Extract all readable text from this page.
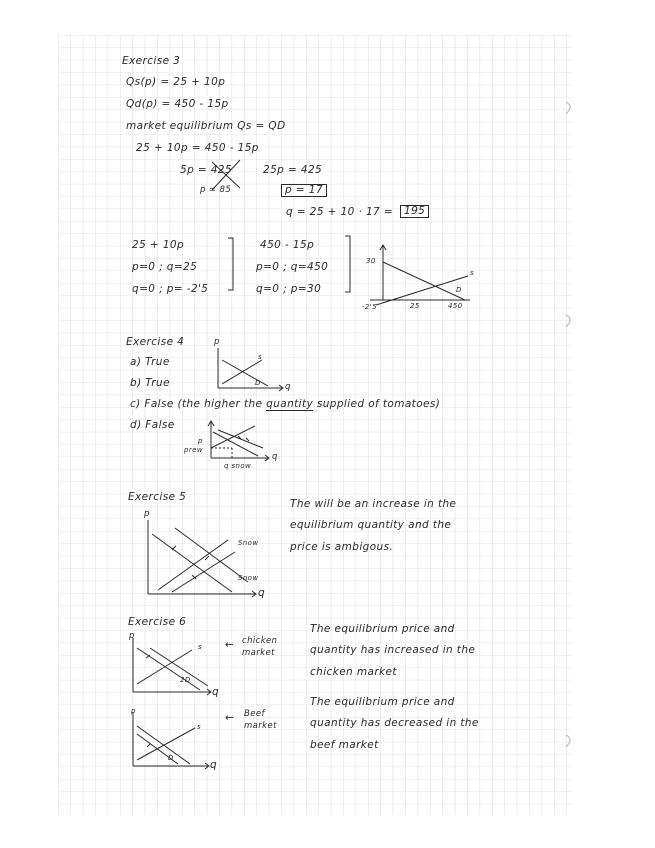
Exercise 3
Qs(p) = 25 + 10p
Qd(p) = 450 - 15p
market equilibrium Qs = QD
25 + 10p = 450 - 15p
5p = 425	25p = 425
p = 85	p = 17
q = 25 + 10 · 17 =	195
25 + 10p
p=0 ; q=25
q=0 ; p= -2'5
450 - 15p
p=0 ; q=450
q=0 ; p=30
30
-2'5	25	450
s
D
Exercise 4	p
a) True
b) True
c) False (the higher the quantity supplied of tomatoes)
d) False
s
D	q
p
prew
q
q snow
Exercise 5
p
q
Snow
Snow
The will be an increase in the
equilibrium quantity and the
price is ambigous.
Exercise 6
p
s
2D
q
← chicken
market
The equilibrium price and
quantity has increased in the
chicken market
p
s
D
q
← Beef
market
The equilibrium price and
quantity has decreased in the
beef market
